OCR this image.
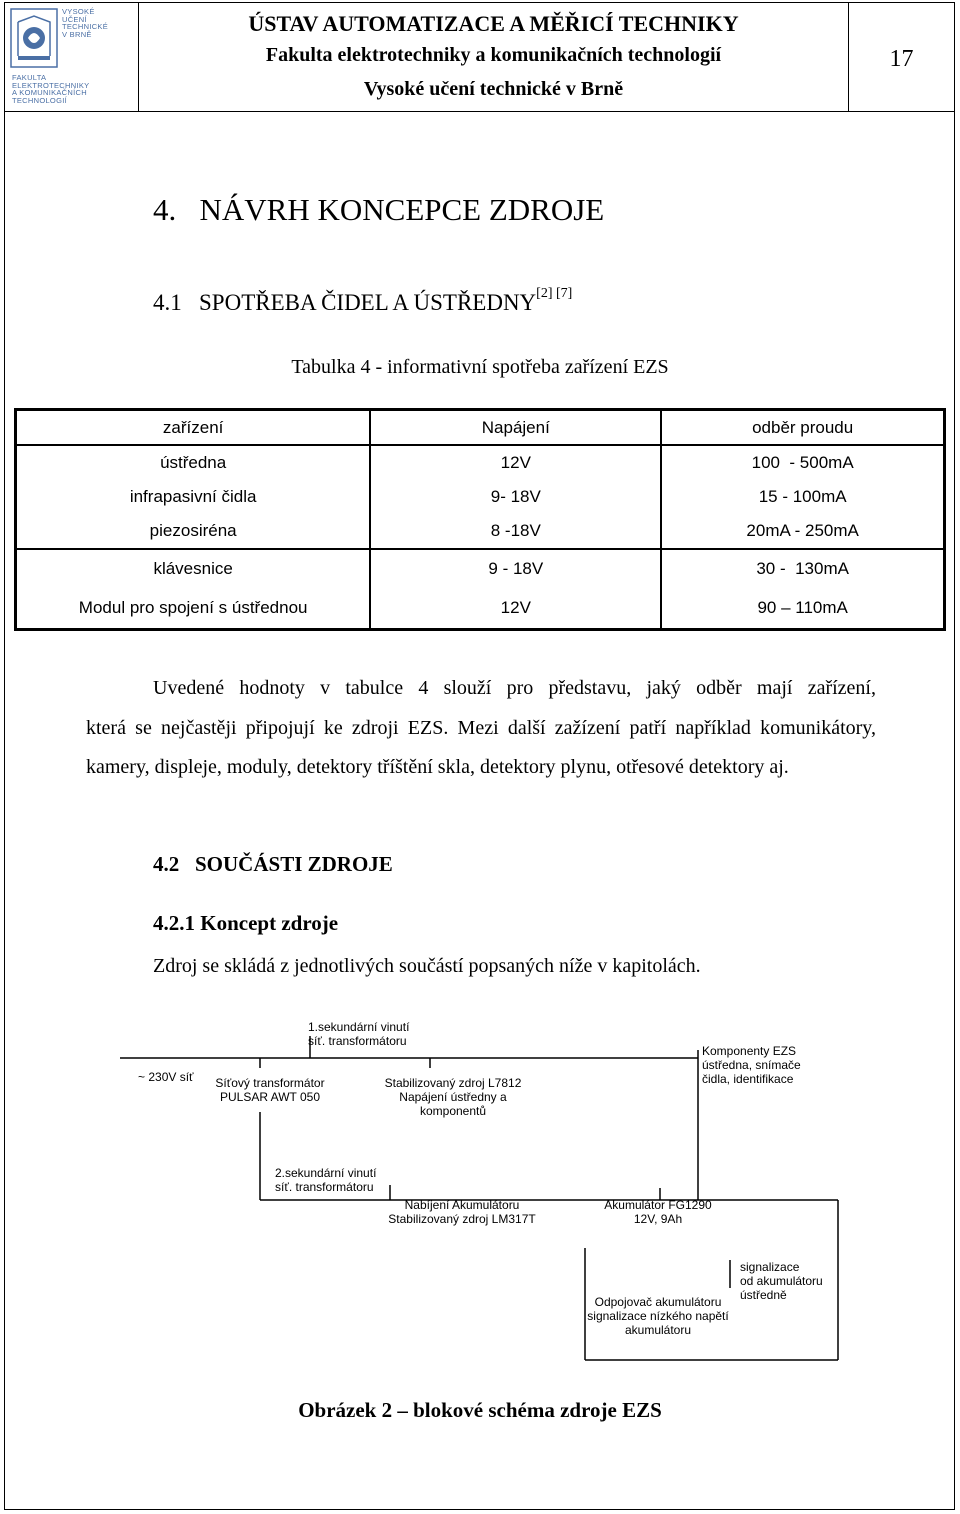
VYSOKÉ
UČENÍ
TECHNICKÉ
V BRNĚ
FAKULTA
ELEKTROTECHNIKY
A KOMUNIKAČNÍCH
TECHNOLOGIÍ
ÚSTAV AUTOMATIZACE A MĚŘICÍ TECHNIKY
Fakulta elektrotechniky a komunikačních technologií
Vysoké učení technické v Brně
17
4.   NÁVRH KONCEPCE ZDROJE
4.1   SPOTŘEBA ČIDEL A ÚSTŘEDNY[2] [7]
Tabulka 4 - informativní spotřeba zařízení EZS
zařízení	Napájení	odběr proudu
ústředna	12V	100  - 500mA
infrapasivní čidla	9- 18V	15 - 100mA
piezosiréna	8 -18V	20mA - 250mA
klávesnice	9 - 18V	30 -  130mA
Modul pro spojení s ústřednou	12V	90 – 110mA
Uvedené hodnoty v tabulce 4 slouží pro představu, jaký odběr mají zařízení,
která se nejčastěji připojují ke zdroji EZS. Mezi další zažízení patří například komunikátory, kamery, displeje, moduly, detektory tříštění skla, detektory plynu, otřesové detektory aj.
4.2   SOUČÁSTI ZDROJE
4.2.1 Koncept zdroje
Zdroj se skládá z jednotlivých součástí popsaných níže v kapitolách.
~ 230V síť
1.sekundární vinutí
síť. transformátoru
Síťový transformátor
PULSAR AWT 050
Stabilizovaný zdroj L7812
Napájení ústředny a
komponentů
Komponenty EZS
ústředna, snímače
čidla, identifikace
2.sekundární vinutí
síť. transformátoru
Nabíjení Akumulátoru
Stabilizovaný zdroj LM317T
Akumulátor FG1290
12V, 9Ah
signalizace
od akumulátoru
ústředně
Odpojovač akumulátoru
signalizace nízkého napětí
akumulátoru
Obrázek 2 – blokové schéma zdroje EZS
